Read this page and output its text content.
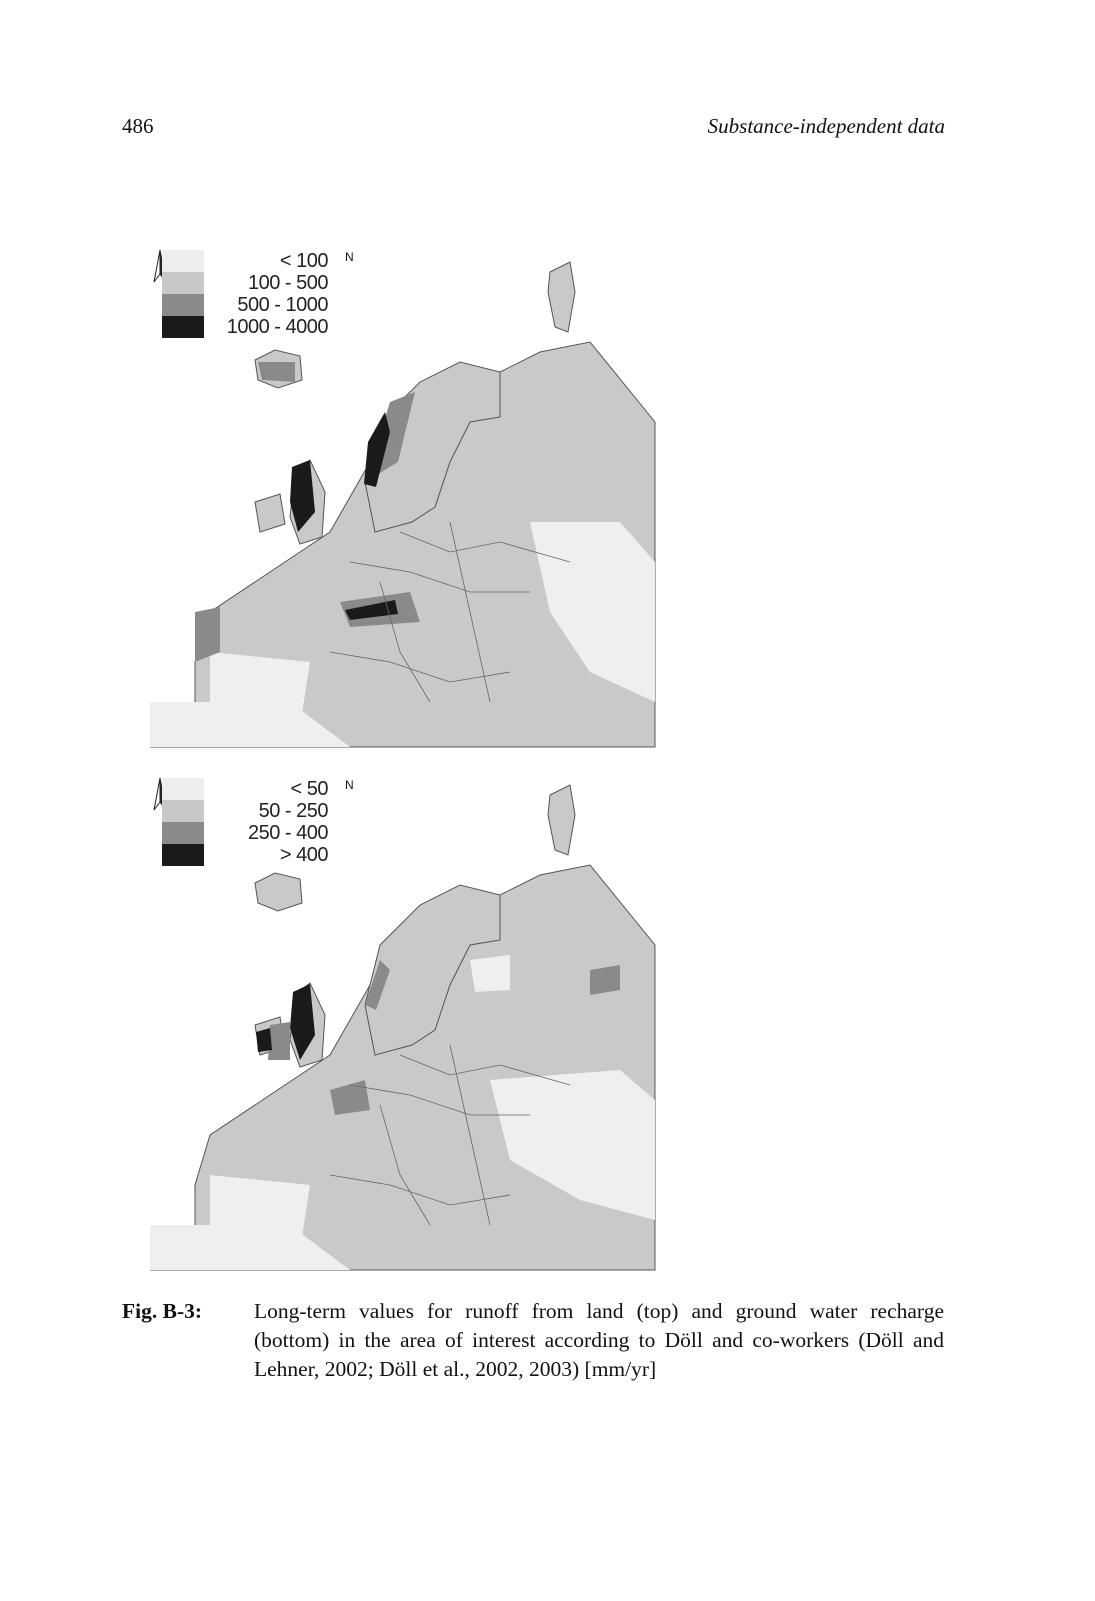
486	Substance-independent data
N
< 100
100 - 500
500 - 1000
1000 - 4000
N
< 50
50 - 250
250 - 400
> 400
Fig. B-3: Long-term values for runoff from land (top) and ground water recharge (bottom) in the area of interest according to Döll and co-workers (Döll and Lehner, 2002; Döll et al., 2002, 2003) [mm/yr]
